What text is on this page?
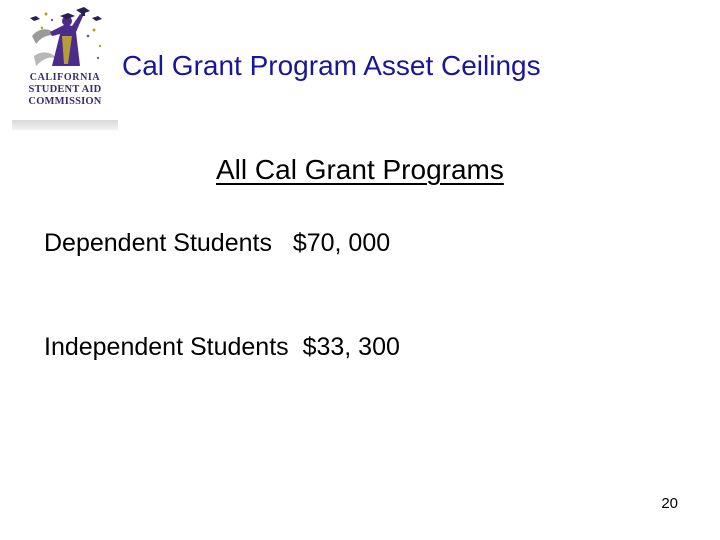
CALIFORNIA
STUDENT AID
COMMISSION
Cal Grant Program Asset Ceilings
All Cal Grant Programs
Dependent Students $70, 000
Independent Students $33, 300
20
